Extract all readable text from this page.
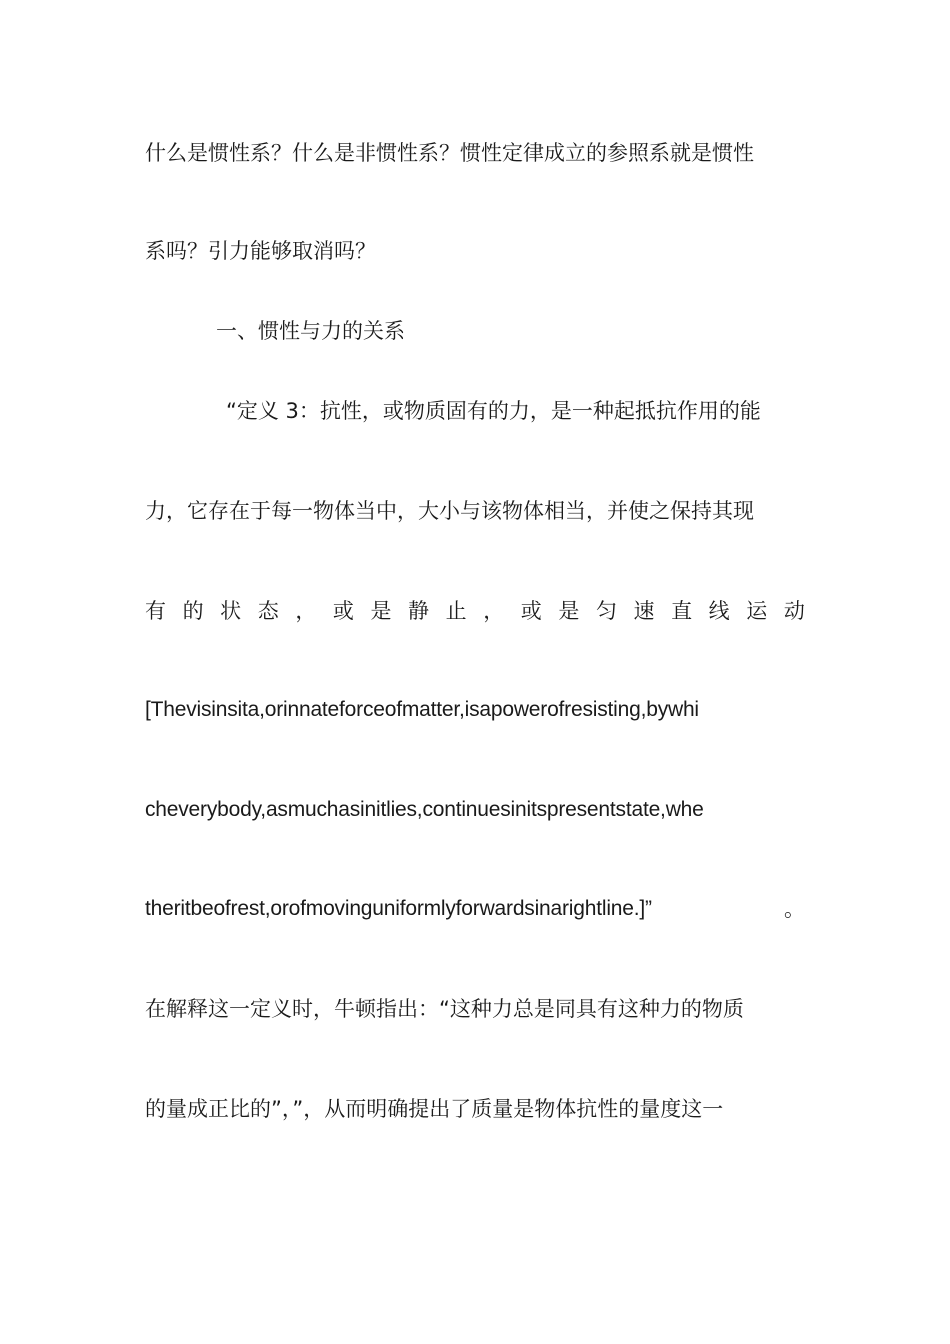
什么是惯性系？什么是非惯性系？惯性定律成立的参照系就是惯性
系吗？引力能够取消吗？
一、惯性与力的关系
“定义 3：抗性，或物质固有的力，是一种起抵抗作用的能
力，它存在于每一物体当中，大小与该物体相当，并使之保持其现
有 的 状 态 ， 或 是 静 止 ， 或 是 匀 速 直 线 运 动
[Thevisinsita,orinnateforceofmatter,isapowerofresisting,bywhi
cheverybody,asmuchasinitlies,continuesinitspresentstate,whe
theritbeofrest,orofmovinguniformlyforwardsinarightline.]”	。
在解释这一定义时，牛顿指出：“这种力总是同具有这种力的物质
的量成正比的”，”，从而明确提出了质量是物体抗性的量度这一
